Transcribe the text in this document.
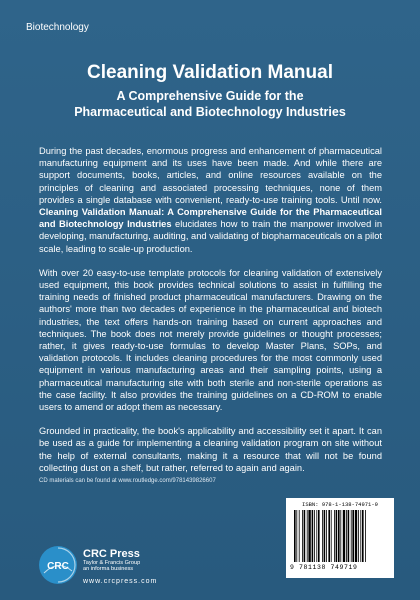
Biotechnology
Cleaning Validation Manual
A Comprehensive Guide for the
Pharmaceutical and Biotechnology Industries

During the past decades, enormous progress and enhancement of pharmaceutical manufacturing equipment and its uses have been made. And while there are support documents, books, articles, and online resources available on the principles of cleaning and associated processing techniques, none of them provides a single database with convenient, ready-to-use training tools. Until now. Cleaning Validation Manual: A Comprehensive Guide for the Pharmaceutical and Biotechnology Industries elucidates how to train the manpower involved in developing, manufacturing, auditing, and validating of biopharmaceuticals on a pilot scale, leading to scale-up production.

With over 20 easy-to-use template protocols for cleaning validation of extensively used equipment, this book provides technical solutions to assist in fulfilling the training needs of finished product pharmaceutical manufacturers. Drawing on the authors' more than two decades of experience in the pharmaceutical and biotech industries, the text offers hands-on training based on current approaches and techniques. The book does not merely provide guidelines or thought processes; rather, it gives ready-to-use formulas to develop Master Plans, SOPs, and validation protocols. It includes cleaning procedures for the most commonly used equipment in various manufacturing areas and their sampling points, using a pharmaceutical manufacturing site with both sterile and non-sterile operations as the case facility. It also provides the training guidelines on a CD-ROM to enable users to amend or adopt them as necessary.

Grounded in practicality, the book's applicability and accessibility set it apart. It can be used as a guide for implementing a cleaning validation program on site without the help of external consultants, making it a resource that will not be found collecting dust on a shelf, but rather, referred to again and again.

CD materials can be found at www.routledge.com/9781439826607
CRC
CRC Press
Taylor & Francis Group
an informa business
www.crcpress.com
ISBN: 978-1-138-74971-9
9 781138 749719
